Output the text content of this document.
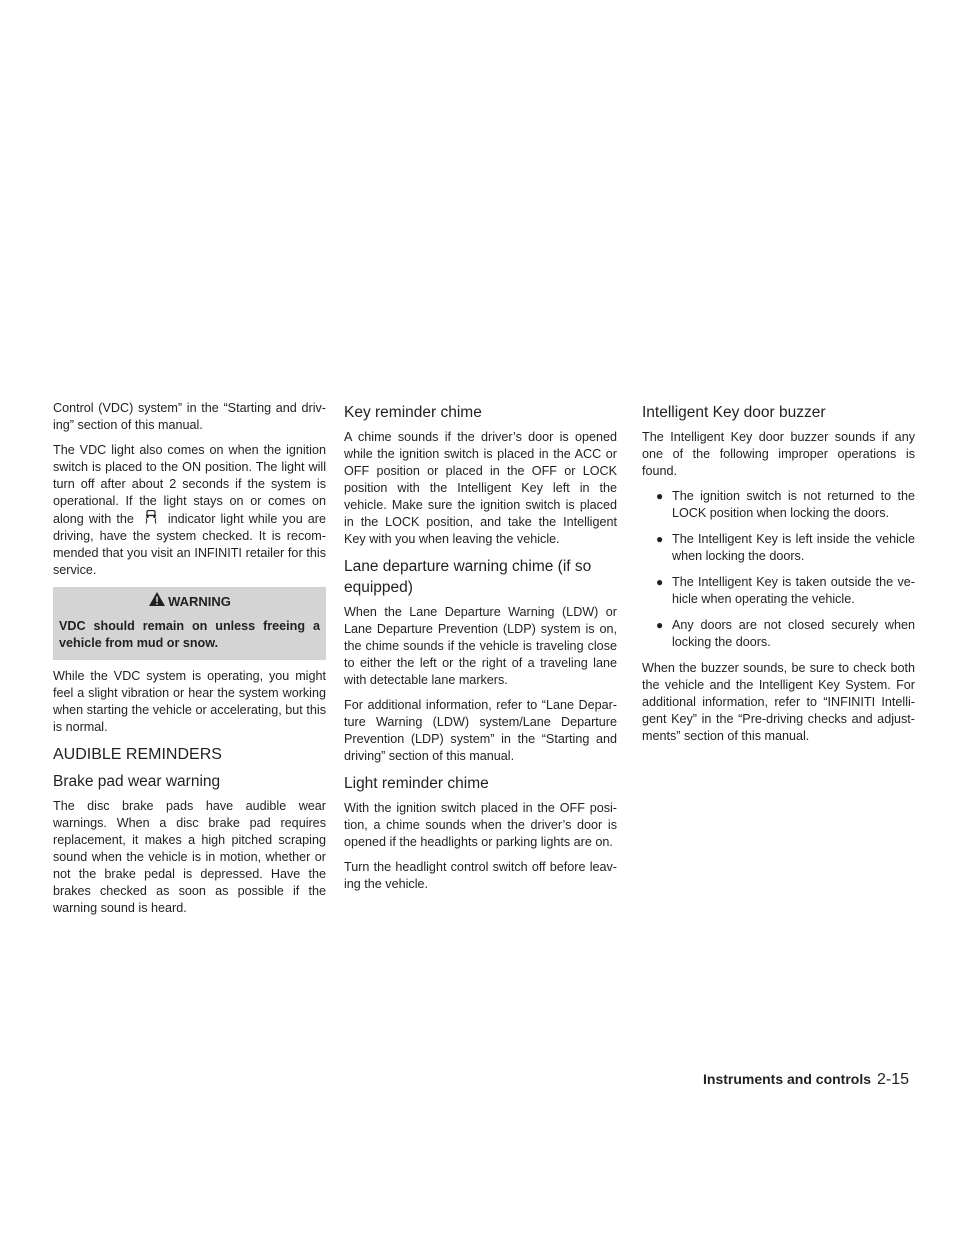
Control (VDC) system” in the “Starting and driv-ing” section of this manual.

The VDC light also comes on when the ignition switch is placed to the ON position. The light will turn off after about 2 seconds if the system is operational. If the light stays on or comes on along with the	indicator light while you are driving, have the system checked. It is recom-mended that you visit an INFINITI retailer for this service.

WARNING
VDC should remain on unless freeing a vehicle from mud or snow.

While the VDC system is operating, you might feel a slight vibration or hear the system working when starting the vehicle or accelerating, but this is normal.

AUDIBLE REMINDERS
Brake pad wear warning

The disc brake pads have audible wear warnings. When a disc brake pad requires replacement, it makes a high pitched scraping sound when the vehicle is in motion, whether or not the brake pedal is depressed. Have the brakes checked as soon as possible if the warning sound is heard.

Key reminder chime

A chime sounds if the driver’s door is opened while the ignition switch is placed in the ACC or OFF position or placed in the OFF or LOCK position with the Intelligent Key left in the vehicle. Make sure the ignition switch is placed in the LOCK position, and take the Intelligent Key with you when leaving the vehicle.

Lane departure warning chime (if so equipped)

When the Lane Departure Warning (LDW) or Lane Departure Prevention (LDP) system is on, the chime sounds if the vehicle is traveling close to either the left or the right of a traveling lane with detectable lane markers.

For additional information, refer to “Lane Depar-ture Warning (LDW) system/Lane Departure Prevention (LDP) system” in the “Starting and driving” section of this manual.

Light reminder chime

With the ignition switch placed in the OFF posi-tion, a chime sounds when the driver’s door is opened if the headlights or parking lights are on.

Turn the headlight control switch off before leav-ing the vehicle.

Intelligent Key door buzzer

The Intelligent Key door buzzer sounds if any one of the following improper operations is found.

● The ignition switch is not returned to the LOCK position when locking the doors.
● The Intelligent Key is left inside the vehicle when locking the doors.
● The Intelligent Key is taken outside the ve-hicle when operating the vehicle.
● Any doors are not closed securely when locking the doors.

When the buzzer sounds, be sure to check both the vehicle and the Intelligent Key System. For additional information, refer to “INFINITI Intelli-gent Key” in the “Pre-driving checks and adjust-ments” section of this manual.

Instruments and controls 2-15
